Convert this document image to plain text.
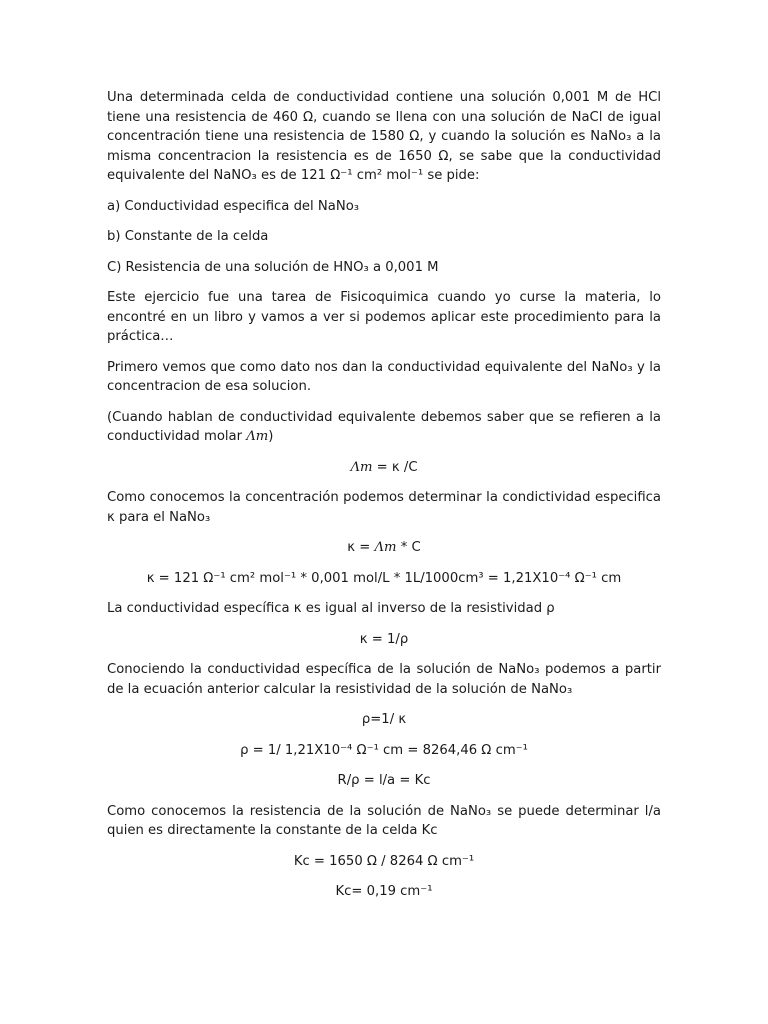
Una determinada celda de conductividad contiene una solución 0,001 M de HCl tiene una resistencia de 460 Ω, cuando se llena con una solución de NaCl de igual concentración tiene una resistencia de 1580 Ω, y cuando la solución es NaNo₃ a la misma concentracion la resistencia es de 1650 Ω, se sabe que la conductividad equivalente del NaNO₃ es de 121 Ω⁻¹ cm² mol⁻¹ se pide:

a) Conductividad especifica del NaNo₃

b) Constante de la celda

C) Resistencia de una solución de HNO₃ a 0,001 M

Este ejercicio fue una tarea de Fisicoquimica cuando yo curse la materia, lo encontré en un libro y vamos a ver si podemos aplicar este procedimiento para la práctica…

Primero vemos que como dato nos dan la conductividad equivalente del NaNo₃ y la concentracion de esa solucion.

(Cuando hablan de conductividad equivalente debemos saber que se refieren a la conductividad molar Λm)

Λm = κ /C

Como conocemos la concentración podemos determinar la condictividad especifica κ para el NaNo₃

κ = Λm * C

κ = 121 Ω⁻¹ cm² mol⁻¹ * 0,001 mol/L * 1L/1000cm³ = 1,21X10⁻⁴ Ω⁻¹ cm

La conductividad específica κ es igual al inverso de la resistividad ρ

κ = 1/ρ

Conociendo la conductividad específica de la solución de NaNo₃ podemos a partir de la ecuación anterior calcular la resistividad de la solución de NaNo₃

ρ=1/ κ

ρ = 1/ 1,21X10⁻⁴ Ω⁻¹ cm = 8264,46 Ω cm⁻¹

R/ρ = l/a = Kc

Como conocemos la resistencia de la solución de NaNo₃ se puede determinar l/a quien es directamente la constante de la celda Kc

Kc = 1650 Ω / 8264 Ω cm⁻¹

Kc= 0,19 cm⁻¹
